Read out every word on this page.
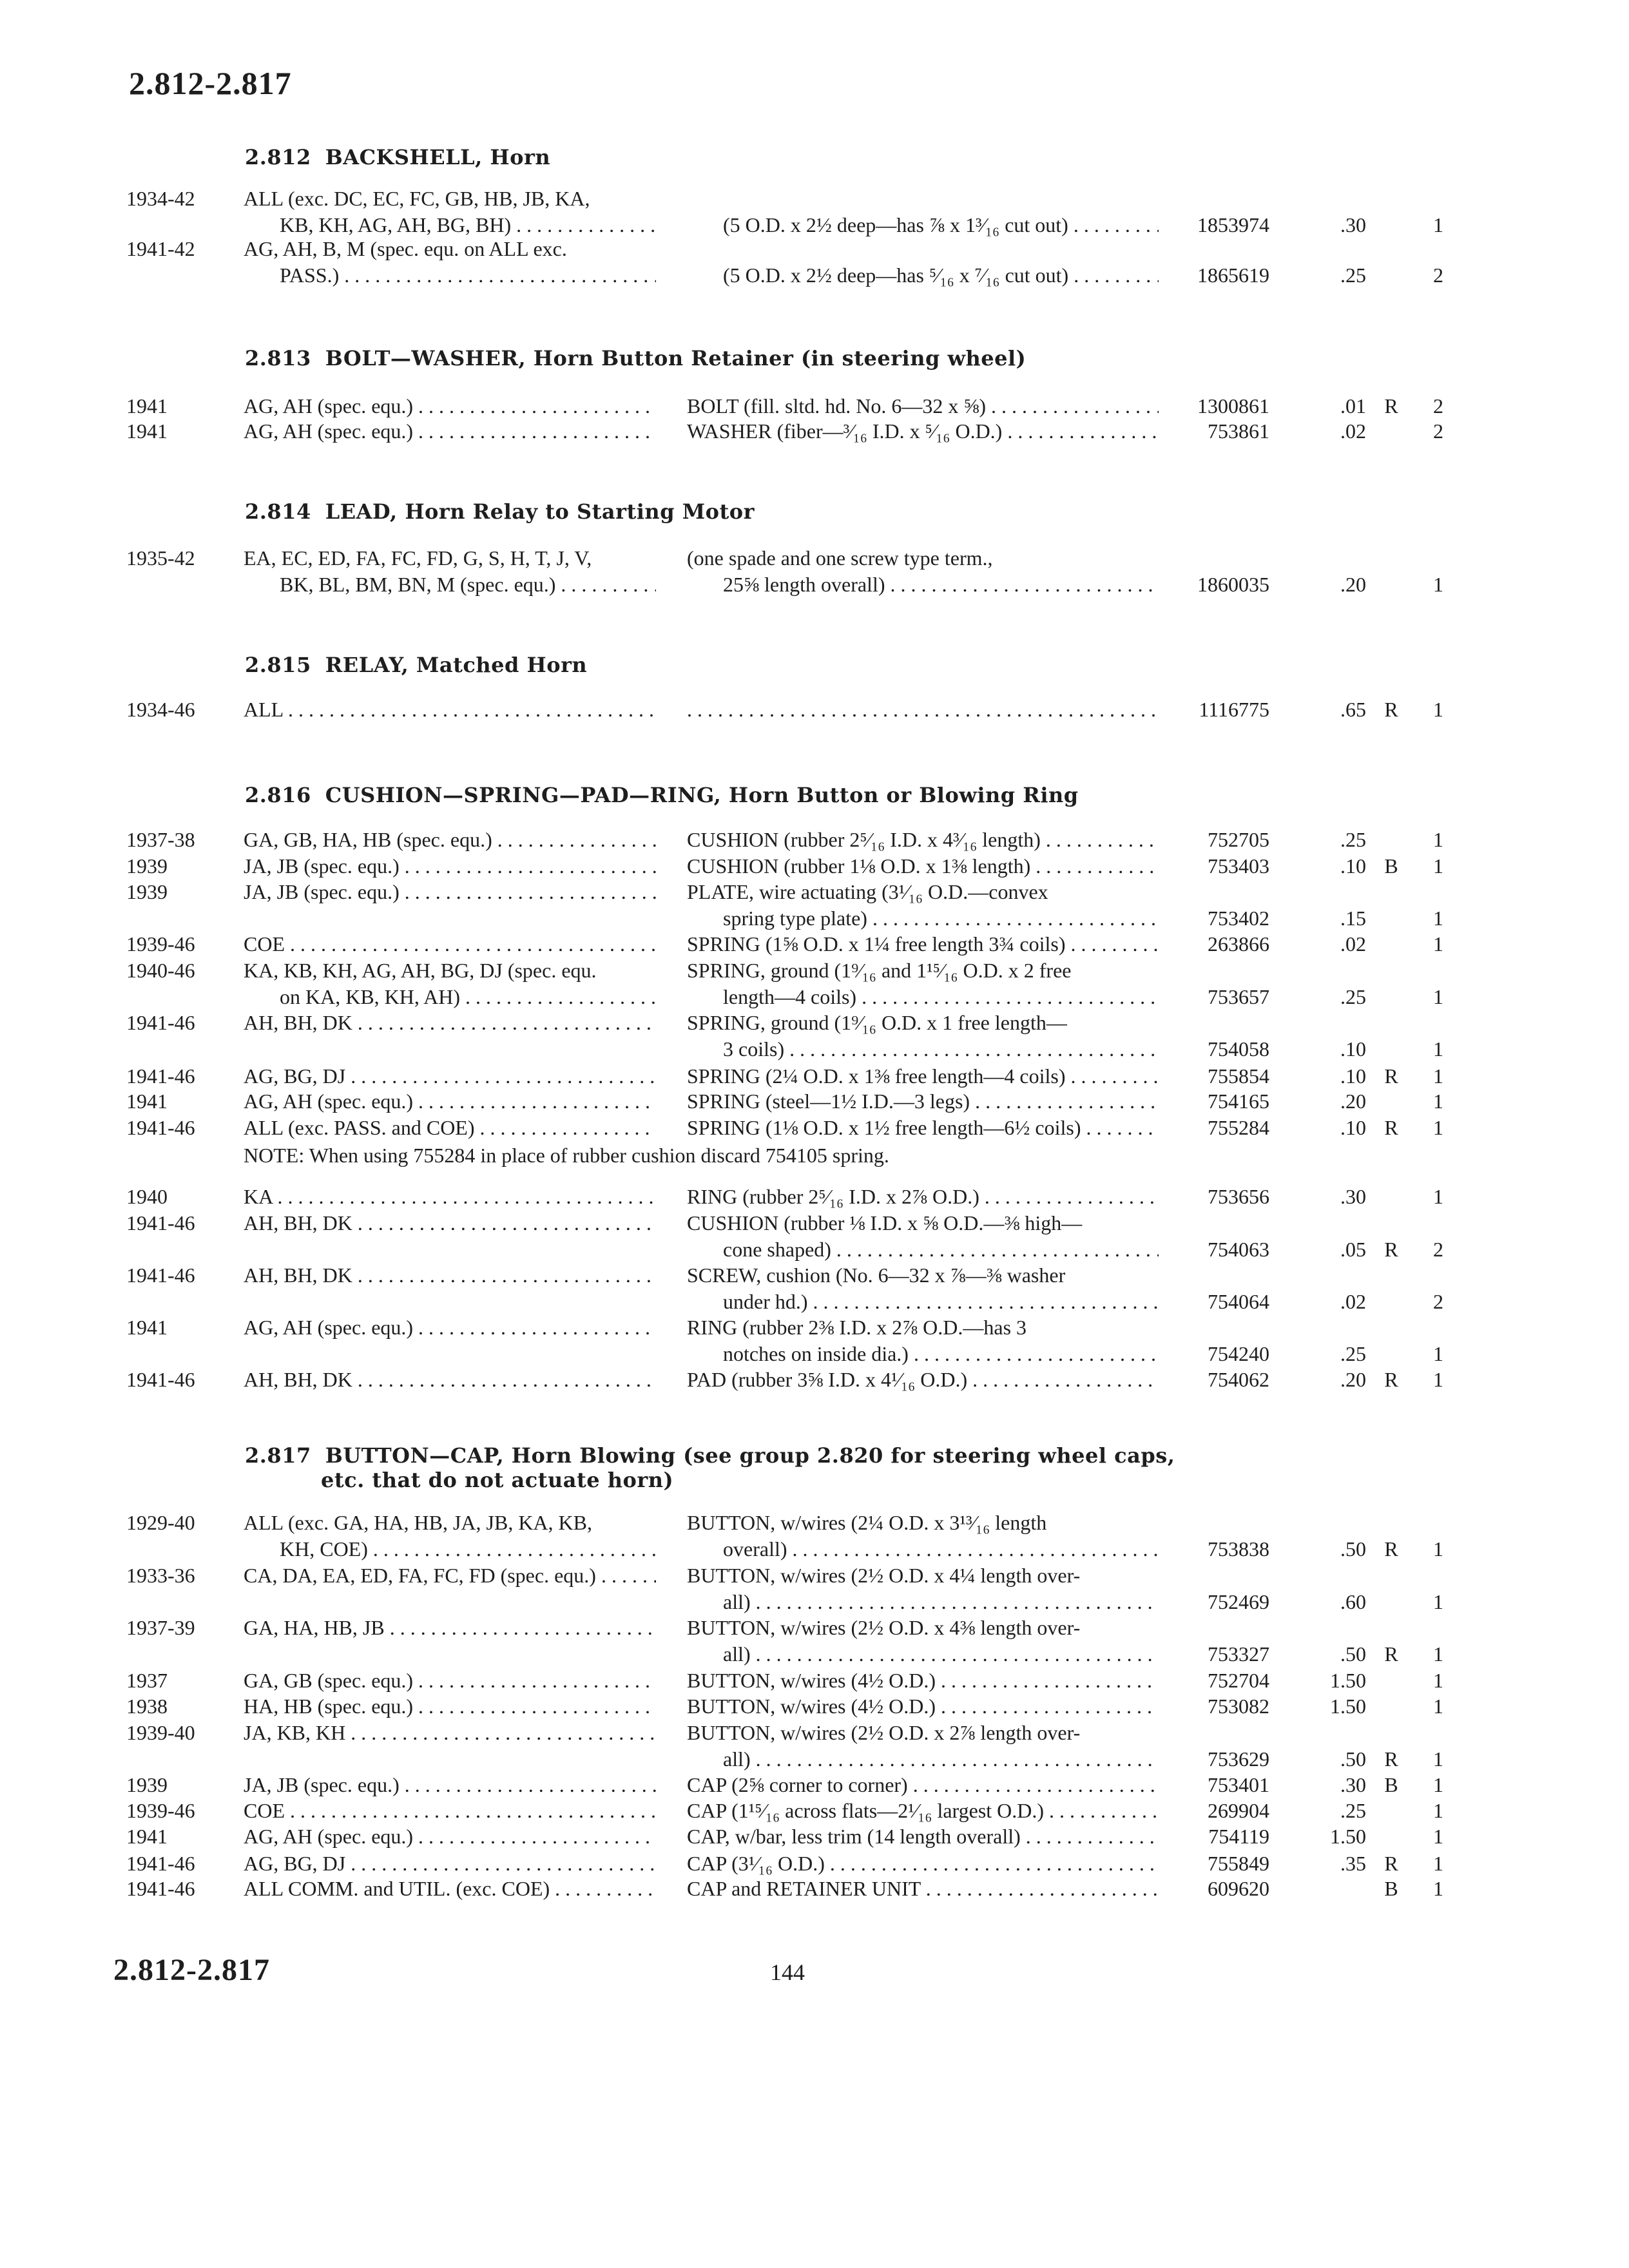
2.812-2.817
2.812 BACKSHELL, Horn
1934-42 ALL (exc. DC, EC, FC, GB, HB, JB, KA,
KB, KH, AG, AH, BG, BH) . . .	(5 O.D. x 2½ deep—has ⅞ x 1³⁄₁₆ cut out) . . .	1853974	.30	1
1941-42 AG, AH, B, M (spec. equ. on ALL exc.
PASS.) . . .	(5 O.D. x 2½ deep—has ⁵⁄₁₆ x ⁷⁄₁₆ cut out) . . .	1865619	.25	2
2.813 BOLT—WASHER, Horn Button Retainer (in steering wheel)
1941	AG, AH (spec. equ.) . . .	BOLT (fill. sltd. hd. No. 6—32 x ⅝) . . .	1300861	.01 R	2
1941	AG, AH (spec. equ.) . . .	WASHER (fiber—³⁄₁₆ I.D. x ⁵⁄₁₆ O.D.) . . .	753861	.02	2
2.814 LEAD, Horn Relay to Starting Motor
1935-42 EA, EC, ED, FA, FC, FD, G, S, H, T, J, V,
BK, BL, BM, BN, M (spec. equ.) . . .
(one spade and one screw type term.,
25⅝ length overall) . . .	1860035	.20	1
2.815 RELAY, Matched Horn
1934-46 ALL . . .
. . .	1116775	.65 R	1
2.816 CUSHION—SPRING—PAD—RING, Horn Button or Blowing Ring
1937-38 GA, GB, HA, HB (spec. equ.) . . .	CUSHION (rubber 2⁵⁄₁₆ I.D. x 4³⁄₁₆ length) . . .	752705	.25	1
1939	JA, JB (spec. equ.) . . .	CUSHION (rubber 1⅛ O.D. x 1⅜ length) . . .	753403	.10 B	1
1939	JA, JB (spec. equ.) . . .	PLATE, wire actuating (3¹⁄₁₆ O.D.—convex
spring type plate) . . .	753402	.15	1
1939-46 COE . . .	SPRING (1⅝ O.D. x 1¼ free length 3¾ coils) . . .	263866	.02	1
1940-46 KA, KB, KH, AG, AH, BG, DJ (spec. equ.
on KA, KB, KH, AH) . . .
SPRING, ground (1⁹⁄₁₆ and 1¹⁵⁄₁₆ O.D. x 2 free
length—4 coils) . . .	753657	.25	1
1941-46 AH, BH, DK . . .	SPRING, ground (1⁹⁄₁₆ O.D. x 1 free length—
3 coils) . . .	754058	.10	1
1941-46 AG, BG, DJ . . .	SPRING (2¼ O.D. x 1⅜ free length—4 coils) . . .	755854	.10 R	1
1941	AG, AH (spec. equ.) . . .	SPRING (steel—1½ I.D.—3 legs) . . .	754165	.20	1
1941-46 ALL (exc. PASS. and COE) . . .	SPRING (1⅛ O.D. x 1½ free length—6½ coils) . . .	755284	.10 R	1
1940	KA . . .	RING (rubber 2⁵⁄₁₆ I.D. x 2⅞ O.D.) . . .	753656	.30	1
1941-46 AH, BH, DK . . .	CUSHION (rubber ⅛ I.D. x ⅝ O.D.—⅜ high—
cone shaped) . . .	754063	.05 R	2
1941-46 AH, BH, DK . . .	SCREW, cushion (No. 6—32 x ⅞—⅜ washer
under hd.) . . .	754064	.02	2
1941	AG, AH (spec. equ.) . . .	RING (rubber 2⅜ I.D. x 2⅞ O.D.—has 3
notches on inside dia.) . . .	754240	.25	1
1941-46 AH, BH, DK . . .	PAD (rubber 3⅝ I.D. x 4¹⁄₁₆ O.D.) . . .	754062	.20 R	1
NOTE: When using 755284 in place of rubber cushion discard 754105 spring.
2.817 BUTTON—CAP, Horn Blowing (see group 2.820 for steering wheel caps,
etc. that do not actuate horn)
1929-40 ALL (exc. GA, HA, HB, JA, JB, KA, KB,
KH, COE) . . .
BUTTON, w/wires (2¼ O.D. x 3¹³⁄₁₆ length
overall) . . .	753838	.50 R	1
1933-36 CA, DA, EA, ED, FA, FC, FD (spec. equ.) . . .	BUTTON, w/wires (2½ O.D. x 4¼ length over-
all) . . .	752469	.60	1
1937-39 GA, HA, HB, JB . . .	BUTTON, w/wires (2½ O.D. x 4⅜ length over-
all) . . .	753327	.50 R	1
1937	GA, GB (spec. equ.) . . .	BUTTON, w/wires (4½ O.D.) . . .	752704	1.50	1
1938	HA, HB (spec. equ.) . . .	BUTTON, w/wires (4½ O.D.) . . .	753082	1.50	1
1939-40 JA, KB, KH . . .	BUTTON, w/wires (2½ O.D. x 2⅞ length over-
all) . . .	753629	.50 R	1
1939	JA, JB (spec. equ.) . . .	CAP (2⅝ corner to corner) . . .	753401	.30 B	1
1939-46 COE . . .	CAP (1¹⁵⁄₁₆ across flats—2¹⁄₁₆ largest O.D.) . . .	269904	.25	1
1941	AG, AH (spec. equ.) . . .	CAP, w/bar, less trim (14 length overall) . . .	754119	1.50	1
1941-46 AG, BG, DJ . . .	CAP (3¹⁄₁₆ O.D.) . . .	755849	.35 R	1
1941-46 ALL COMM. and UTIL. (exc. COE) . . .	CAP and RETAINER UNIT . . .	609620	B	1
2.812-2.817	144
